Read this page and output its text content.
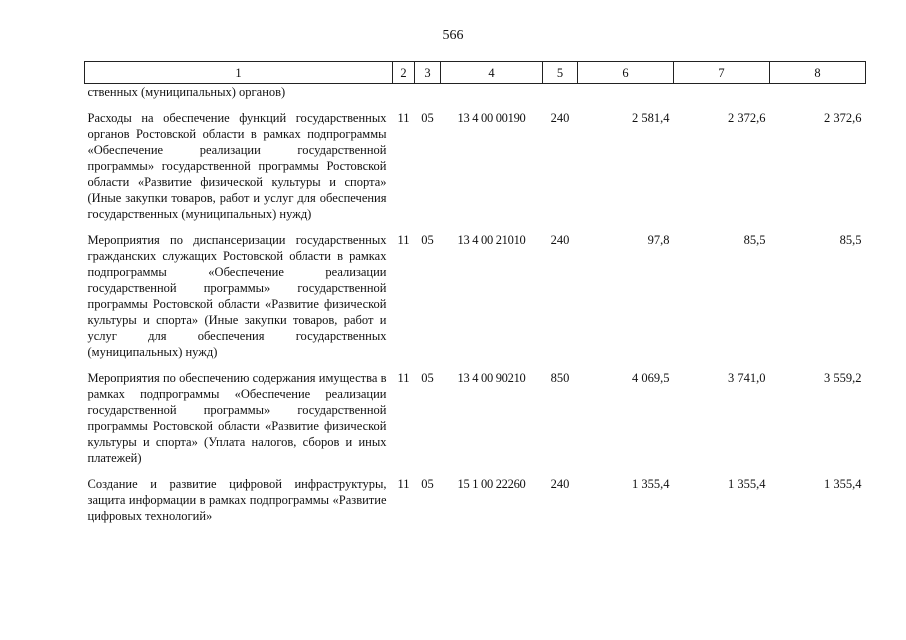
566
1	2	3	4	5	6	7	8
ственных (муниципальных) органов)							
Расходы на обеспечение функций государственных органов Ростовской области в рамках подпрограммы «Обеспечение реализации государственной программы» государственной программы Ростовской области «Развитие физической культуры и спорта» (Иные закупки товаров, работ и услуг для обеспечения государственных (муниципальных) нужд)	11	05	13 4 00 00190	240	2 581,4	2 372,6	2 372,6
Мероприятия по диспансеризации государственных гражданских служащих Ростовской области в рамках подпрограммы «Обеспечение реализации государственной программы» государственной программы Ростовской области «Развитие физической культуры и спорта» (Иные закупки товаров, работ и услуг для обеспечения государственных (муниципальных) нужд)	11	05	13 4 00 21010	240	97,8	85,5	85,5
Мероприятия по обеспечению содержания имущества в рамках подпрограммы «Обеспечение реализации государственной программы» государственной программы Ростовской области «Развитие физической культуры и спорта» (Уплата налогов, сборов и иных платежей)	11	05	13 4 00 90210	850	4 069,5	3 741,0	3 559,2
Создание и развитие цифровой инфраструктуры, защита информации в рамках подпрограммы «Развитие цифровых технологий»	11	05	15 1 00 22260	240	1 355,4	1 355,4	1 355,4
